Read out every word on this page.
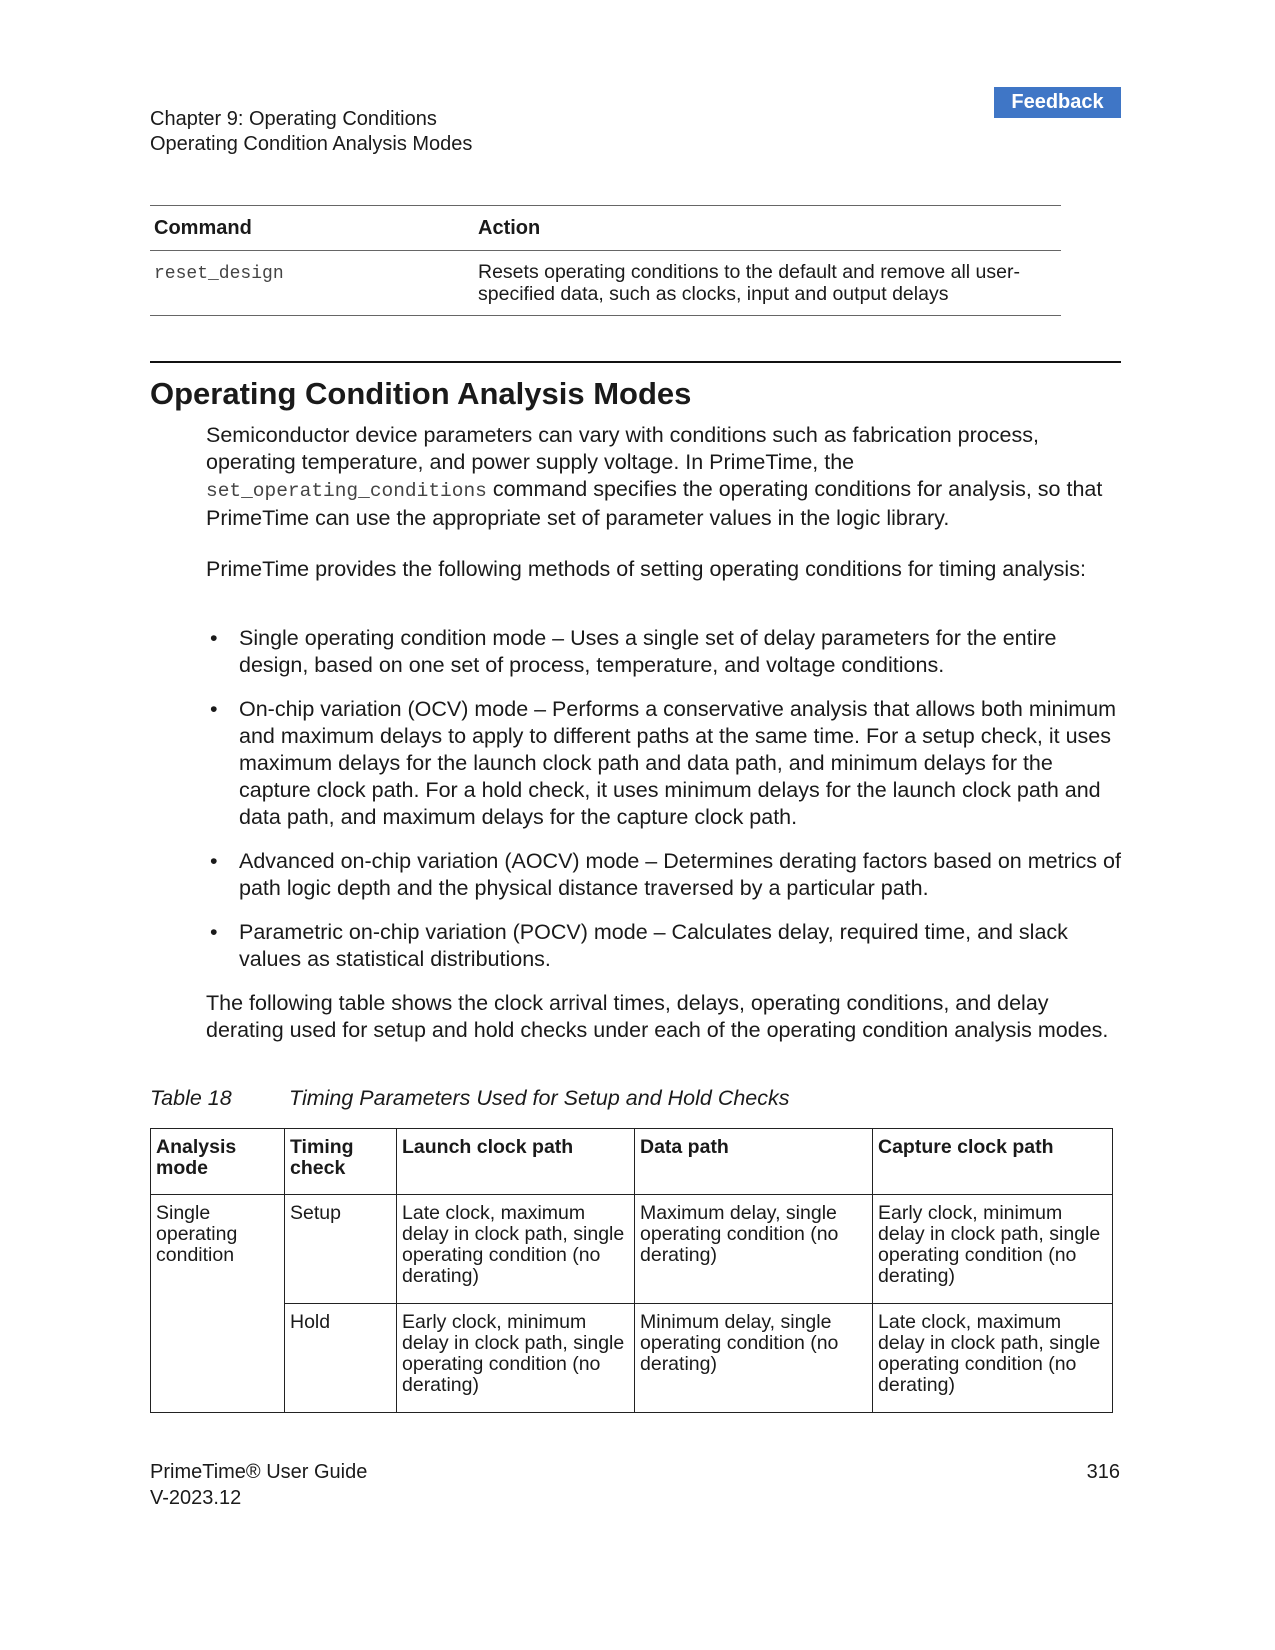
Feedback
Chapter 9: Operating Conditions
Operating Condition Analysis Modes
Command	Action
reset_design	Resets operating conditions to the default and remove all user-specified data, such as clocks, input and output delays
Operating Condition Analysis Modes

Semiconductor device parameters can vary with conditions such as fabrication process, operating temperature, and power supply voltage. In PrimeTime, the set_operating_conditions command specifies the operating conditions for analysis, so that PrimeTime can use the appropriate set of parameter values in the logic library.

PrimeTime provides the following methods of setting operating conditions for timing analysis:

• Single operating condition mode – Uses a single set of delay parameters for the entire design, based on one set of process, temperature, and voltage conditions.
• On-chip variation (OCV) mode – Performs a conservative analysis that allows both minimum and maximum delays to apply to different paths at the same time. For a setup check, it uses maximum delays for the launch clock path and data path, and minimum delays for the capture clock path. For a hold check, it uses minimum delays for the launch clock path and data path, and maximum delays for the capture clock path.
• Advanced on-chip variation (AOCV) mode – Determines derating factors based on metrics of path logic depth and the physical distance traversed by a particular path.
• Parametric on-chip variation (POCV) mode – Calculates delay, required time, and slack values as statistical distributions.

The following table shows the clock arrival times, delays, operating conditions, and delay derating used for setup and hold checks under each of the operating condition analysis modes.

Table 18	Timing Parameters Used for Setup and Hold Checks
Analysis mode	Timing check	Launch clock path	Data path	Capture clock path
Single operating condition	Setup	Late clock, maximum delay in clock path, single operating condition (no derating)	Maximum delay, single operating condition (no derating)	Early clock, minimum delay in clock path, single operating condition (no derating)
	Hold	Early clock, minimum delay in clock path, single operating condition (no derating)	Minimum delay, single operating condition (no derating)	Late clock, maximum delay in clock path, single operating condition (no derating)
PrimeTime® User Guide
V-2023.12
316
